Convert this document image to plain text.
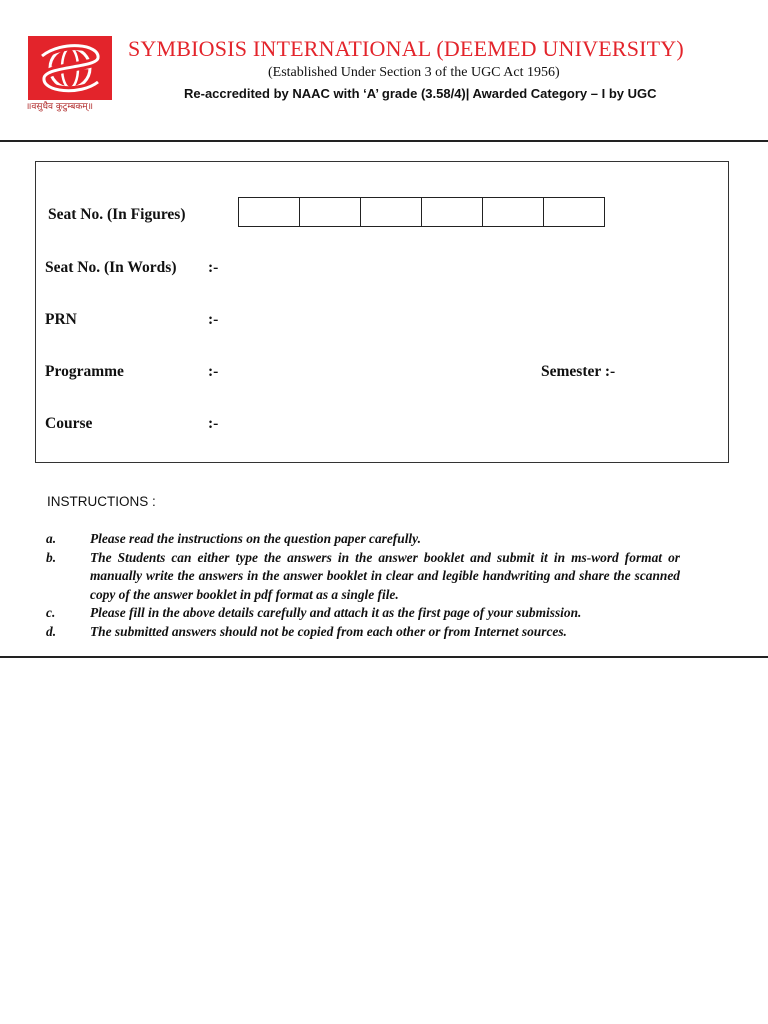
॥वसुधैव कुटुम्बकम्॥
SYMBIOSIS INTERNATIONAL (DEEMED UNIVERSITY)
(Established Under Section 3 of the UGC Act 1956)
Re-accredited by NAAC with ‘A’ grade (3.58/4)| Awarded Category – I by UGC
Seat No. (In Figures)
Seat No. (In Words) :-
PRN	:-
Programme	:-	Semester :-
Course	:-
INSTRUCTIONS :
a.	Please read the instructions on the question paper carefully.
b.	The Students can either type the answers in the answer booklet and submit it in ms-word format or manually write the answers in the answer booklet in clear and legible handwriting and share the scanned copy of the answer booklet in pdf format as a single file.
c.	Please fill in the above details carefully and attach it as the first page of your submission.
d.	The submitted answers should not be copied from each other or from Internet sources.
